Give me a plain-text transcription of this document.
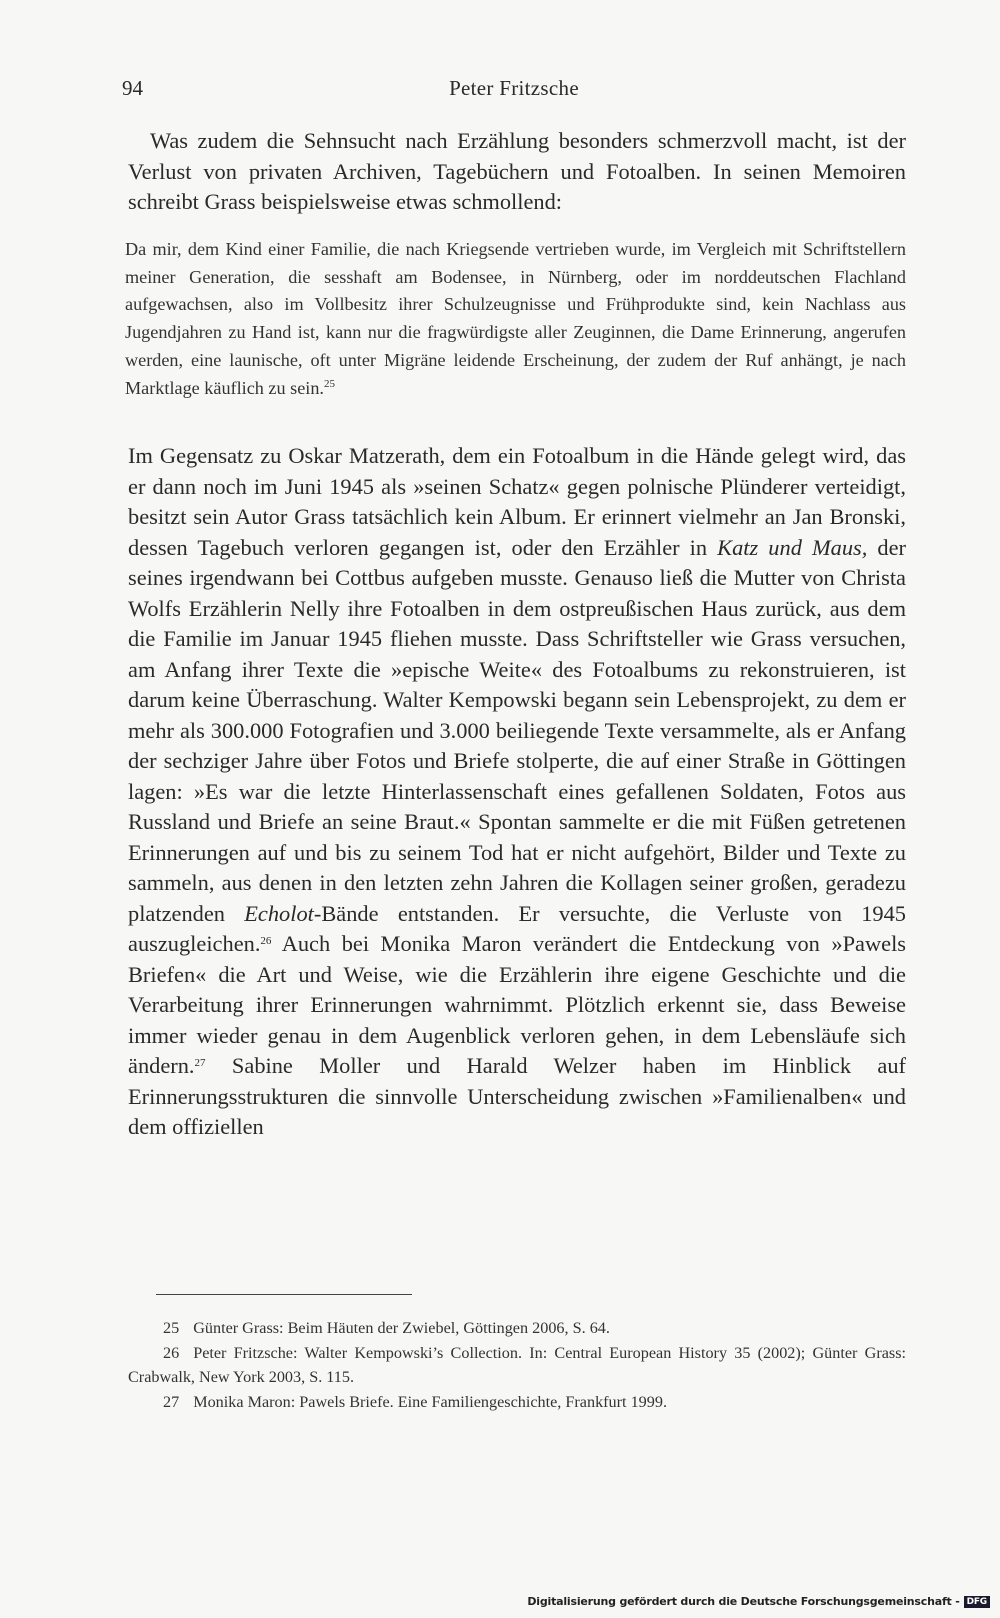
94	Peter Fritzsche

Was zudem die Sehnsucht nach Erzählung besonders schmerzvoll macht, ist der Verlust von privaten Archiven, Tagebüchern und Fotoalben. In seinen Memoiren schreibt Grass beispielsweise etwas schmollend:

Da mir, dem Kind einer Familie, die nach Kriegsende vertrieben wurde, im Vergleich mit Schriftstellern meiner Generation, die sesshaft am Bodensee, in Nürnberg, oder im norddeutschen Flachland aufgewachsen, also im Vollbesitz ihrer Schulzeugnisse und Frühprodukte sind, kein Nachlass aus Jugendjahren zu Hand ist, kann nur die fragwürdigste aller Zeuginnen, die Dame Erinnerung, angerufen werden, eine launische, oft unter Migräne leidende Erscheinung, der zudem der Ruf anhängt, je nach Marktlage käuflich zu sein.$^{25}$

Im Gegensatz zu Oskar Matzerath, dem ein Fotoalbum in die Hände gelegt wird, das er dann noch im Juni 1945 als »seinen Schatz« gegen polnische Plünderer verteidigt, besitzt sein Autor Grass tatsächlich kein Album. Er erinnert vielmehr an Jan Bronski, dessen Tagebuch verloren gegangen ist, oder den Erzähler in Katz und Maus, der seines irgendwann bei Cottbus aufgeben musste. Genauso ließ die Mutter von Christa Wolfs Erzählerin Nelly ihre Fotoalben in dem ostpreußischen Haus zurück, aus dem die Familie im Januar 1945 fliehen musste. Dass Schriftsteller wie Grass versuchen, am Anfang ihrer Texte die »epische Weite« des Fotoalbums zu rekonstruieren, ist darum keine Überraschung. Walter Kempowski begann sein Lebensprojekt, zu dem er mehr als 300.000 Fotografien und 3.000 beiliegende Texte versammelte, als er Anfang der sechziger Jahre über Fotos und Briefe stolperte, die auf einer Straße in Göttingen lagen: »Es war die letzte Hinterlassenschaft eines gefallenen Soldaten, Fotos aus Russland und Briefe an seine Braut.« Spontan sammelte er die mit Füßen getretenen Erinnerungen auf und bis zu seinem Tod hat er nicht aufgehört, Bilder und Texte zu sammeln, aus denen in den letzten zehn Jahren die Kollagen seiner großen, geradezu platzenden Echolot-Bände entstanden. Er versuchte, die Verluste von 1945 auszugleichen.$^{26}$ Auch bei Monika Maron verändert die Entdeckung von »Pawels Briefen« die Art und Weise, wie die Erzählerin ihre eigene Geschichte und die Verarbeitung ihrer Erinnerungen wahrnimmt. Plötzlich erkennt sie, dass Beweise immer wieder genau in dem Augenblick verloren gehen, in dem Lebensläufe sich ändern.$^{27}$ Sabine Moller und Harald Welzer haben im Hinblick auf Erinnerungsstrukturen die sinnvolle Unterscheidung zwischen »Familienalben« und dem offiziellen

25 Günter Grass: Beim Häuten der Zwiebel, Göttingen 2006, S. 64.

26 Peter Fritzsche: Walter Kempowski’s Collection. In: Central European History 35 (2002); Günter Grass: Crabwalk, New York 2003, S. 115.

27 Monika Maron: Pawels Briefe. Eine Familiengeschichte, Frankfurt 1999.

Digitalisierung gefördert durch die Deutsche Forschungsgemeinschaft - DFG
